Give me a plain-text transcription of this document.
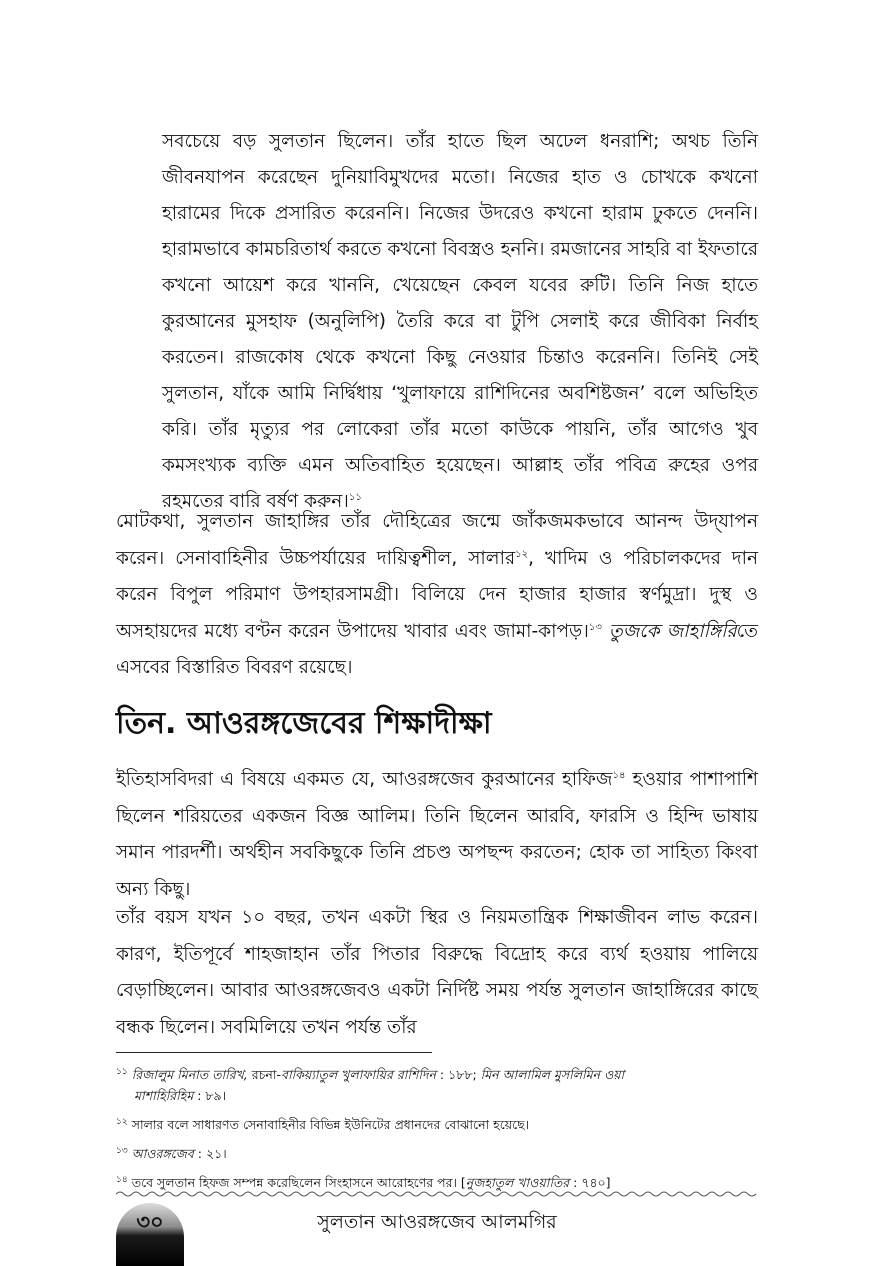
সবচেয়ে বড় সুলতান ছিলেন। তাঁর হাতে ছিল অঢেল ধনরাশি; অথচ তিনি জীবনযাপন করেছেন দুনিয়াবিমুখদের মতো। নিজের হাত ও চোখকে কখনো হারামের দিকে প্রসারিত করেননি। নিজের উদরেও কখনো হারাম ঢুকতে দেননি। হারামভাবে কামচরিতার্থ করতে কখনো বিবস্ত্রও হননি। রমজানের সাহরি বা ইফতারে কখনো আয়েশ করে খাননি, খেয়েছেন কেবল যবের রুটি। তিনি নিজ হাতে কুরআনের মুসহাফ (অনুলিপি) তৈরি করে বা টুপি সেলাই করে জীবিকা নির্বাহ করতেন। রাজকোষ থেকে কখনো কিছু নেওয়ার চিন্তাও করেননি। তিনিই সেই সুলতান, যাঁকে আমি নির্দ্বিধায় ‘খুলাফায়ে রাশিদিনের অবশিষ্টজন’ বলে অভিহিত করি। তাঁর মৃত্যুর পর লোকেরা তাঁর মতো কাউকে পায়নি, তাঁর আগেও খুব কমসংখ্যক ব্যক্তি এমন অতিবাহিত হয়েছেন। আল্লাহ তাঁর পবিত্র রুহের ওপর রহমতের বারি বর্ষণ করুন।$^{১১}$
মোটকথা, সুলতান জাহাঙ্গির তাঁর দৌহিত্রের জন্মে জাঁকজমকভাবে আনন্দ উদ্‌যাপন করেন। সেনাবাহিনীর উচ্চপর্যায়ের দায়িত্বশীল, সালার$^{১২}$, খাদিম ও পরিচালকদের দান করেন বিপুল পরিমাণ উপহারসামগ্রী। বিলিয়ে দেন হাজার হাজার স্বর্ণমুদ্রা। দুস্থ ও অসহায়দের মধ্যে বণ্টন করেন উপাদেয় খাবার এবং জামা-কাপড়।$^{১৩}$ তুজকে জাহাঙ্গিরিতে এসবের বিস্তারিত বিবরণ রয়েছে।
তিন. আওরঙ্গজেবের শিক্ষাদীক্ষা
ইতিহাসবিদরা এ বিষয়ে একমত যে, আওরঙ্গজেব কুরআনের হাফিজ$^{১৪}$ হওয়ার পাশাপাশি ছিলেন শরিয়তের একজন বিজ্ঞ আলিম। তিনি ছিলেন আরবি, ফারসি ও হিন্দি ভাষায় সমান পারদর্শী। অর্থহীন সবকিছুকে তিনি প্রচণ্ড অপছন্দ করতেন; হোক তা সাহিত্য কিংবা অন্য কিছু।
তাঁর বয়স যখন ১০ বছর, তখন একটা স্থির ও নিয়মতান্ত্রিক শিক্ষাজীবন লাভ করেন। কারণ, ইতিপূর্বে শাহজাহান তাঁর পিতার বিরুদ্ধে বিদ্রোহ করে ব্যর্থ হওয়ায় পালিয়ে বেড়াচ্ছিলেন। আবার আওরঙ্গজেবও একটা নির্দিষ্ট সময় পর্যন্ত সুলতান জাহাঙ্গিরের কাছে বন্ধক ছিলেন। সবমিলিয়ে তখন পর্যন্ত তাঁর
$^{১১}$ রিজালুম মিনাত তারিখ, রচনা-বাকিয়্যাতুল খুলাফায়ির রাশিদিন : ১৮৮; মিন আলামিল মুসলিমিন ওয়া
মাশাহিরিহিম : ৮৯।
$^{১২}$ সালার বলে সাধারণত সেনাবাহিনীর বিভিন্ন ইউনিটের প্রধানদের বোঝানো হয়েছে।
$^{১৩}$ আওরঙ্গজেব : ২১।
$^{১৪}$ তবে সুলতান হিফজ সম্পন্ন করেছিলেন সিংহাসনে আরোহণের পর। [নুজহাতুল খাওয়াতির : ৭৪০]
৩০	সুলতান আওরঙ্গজেব আলমগির
